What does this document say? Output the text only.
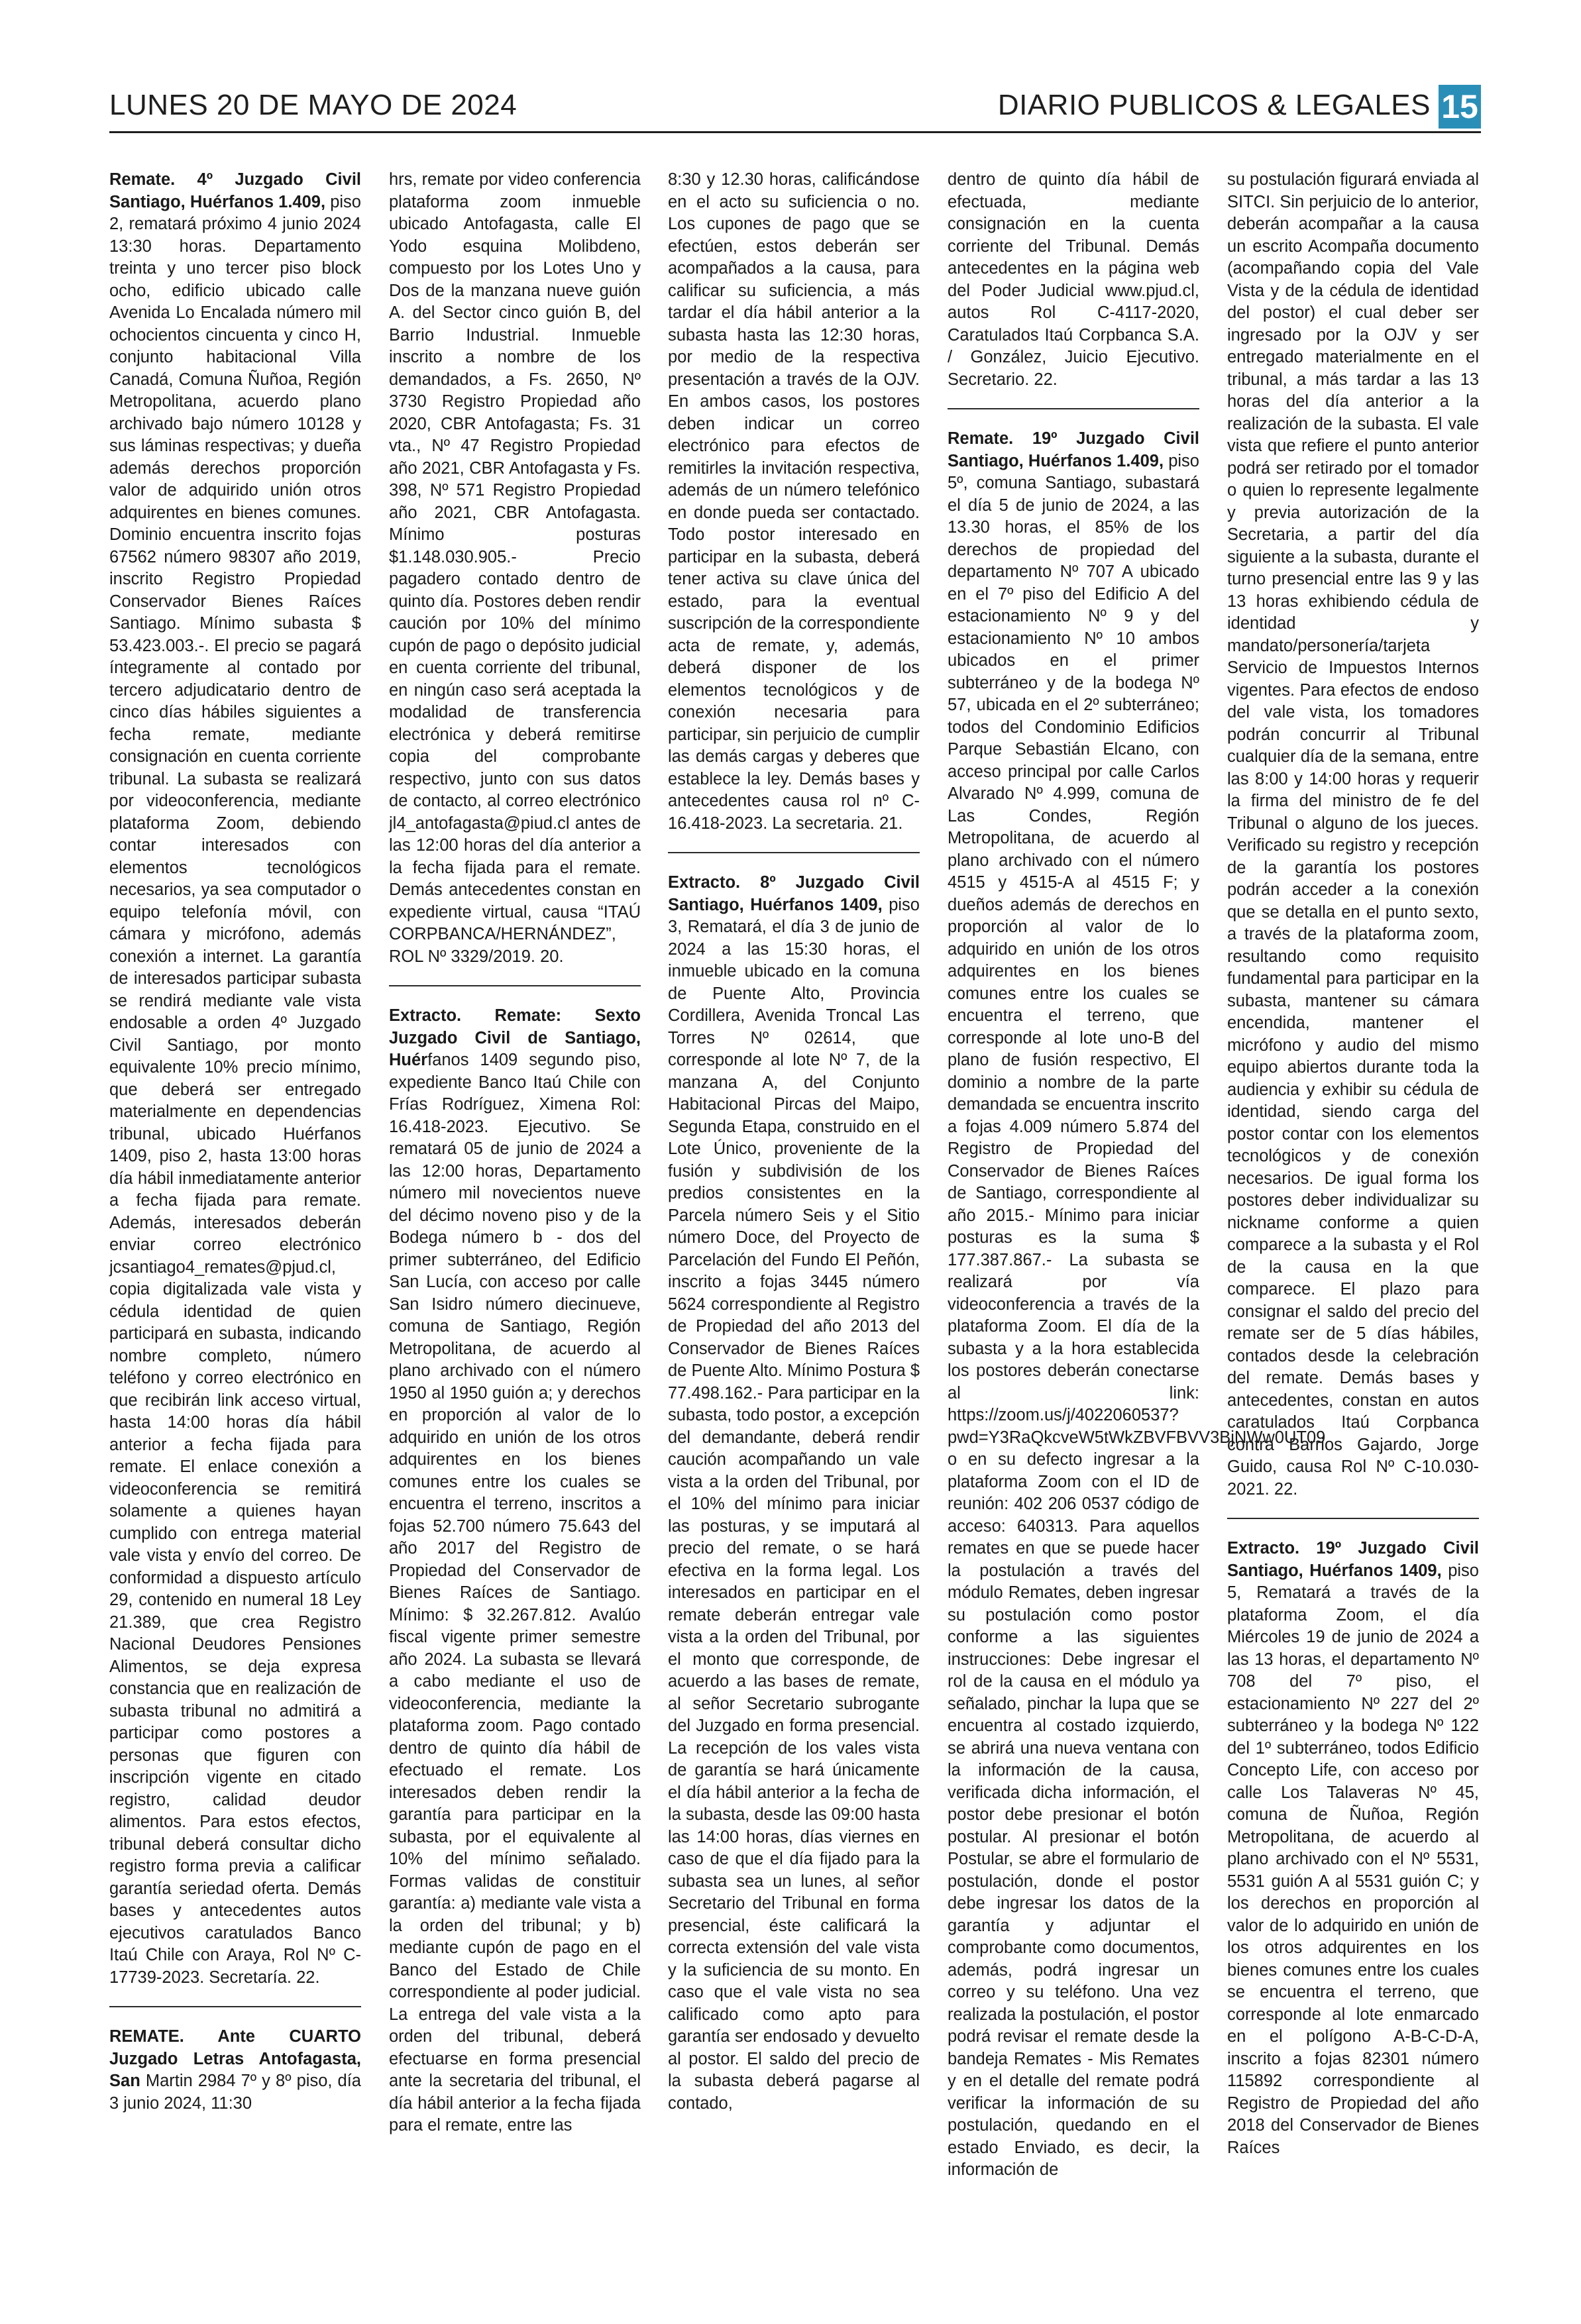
LUNES 20 DE MAYO DE 2024	DIARIO PUBLICOS & LEGALES 15

Remate. 4º Juzgado Civil Santiago, Huérfanos 1.409, piso 2, rematará próximo 4 junio 2024 13:30 horas. Departamento treinta y uno tercer piso block ocho, edificio ubicado calle Avenida Lo Encalada número mil ochocientos cincuenta y cinco H, conjunto habitacional Villa Canadá, Comuna Ñuñoa, Región Metropolitana, acuerdo plano archivado bajo número 10128 y sus láminas respectivas; y dueña además derechos proporción valor de adquirido unión otros adquirentes en bienes comunes. Dominio encuentra inscrito fojas 67562 número 98307 año 2019, inscrito Registro Propiedad Conservador Bienes Raíces Santiago. Mínimo subasta $ 53.423.003.-. El precio se pagará íntegramente al contado por tercero adjudicatario dentro de cinco días hábiles siguientes a fecha remate, mediante consignación en cuenta corriente tribunal. La subasta se realizará por videoconferencia, mediante plataforma Zoom, debiendo contar interesados con elementos tecnológicos necesarios, ya sea computador o equipo telefonía móvil, con cámara y micrófono, además conexión a internet. La garantía de interesados participar subasta se rendirá mediante vale vista endosable a orden 4º Juzgado Civil Santiago, por monto equivalente 10% precio mínimo, que deberá ser entregado materialmente en dependencias tribunal, ubicado Huérfanos 1409, piso 2, hasta 13:00 horas día hábil inmediatamente anterior a fecha fijada para remate. Además, interesados deberán enviar correo electrónico jcsantiago4_remates@pjud.cl, copia digitalizada vale vista y cédula identidad de quien participará en subasta, indicando nombre completo, número teléfono y correo electrónico en que recibirán link acceso virtual, hasta 14:00 horas día hábil anterior a fecha fijada para remate. El enlace conexión a videoconferencia se remitirá solamente a quienes hayan cumplido con entrega material vale vista y envío del correo. De conformidad a dispuesto artículo 29, contenido en numeral 18 Ley 21.389, que crea Registro Nacional Deudores Pensiones Alimentos, se deja expresa constancia que en realización de subasta tribunal no admitirá a participar como postores a personas que figuren con inscripción vigente en citado registro, calidad deudor alimentos. Para estos efectos, tribunal deberá consultar dicho registro forma previa a calificar garantía seriedad oferta. Demás bases y antecedentes autos ejecutivos caratulados Banco Itaú Chile con Araya, Rol Nº C-17739-2023. Secretaría. 22.

REMATE. Ante CUARTO Juzgado Letras Antofagasta, San Martin 2984 7º y 8º piso, día 3 junio 2024, 11:30

hrs, remate por video conferencia plataforma zoom inmueble ubicado Antofagasta, calle El Yodo esquina Molibdeno, compuesto por los Lotes Uno y Dos de la manzana nueve guión A. del Sector cinco guión B, del Barrio Industrial. Inmueble inscrito a nombre de los demandados, a Fs. 2650, Nº 3730 Registro Propiedad año 2020, CBR Antofagasta; Fs. 31 vta., Nº 47 Registro Propiedad año 2021, CBR Antofagasta y Fs. 398, Nº 571 Registro Propiedad año 2021, CBR Antofagasta. Mínimo posturas $1.148.030.905.- Precio pagadero contado dentro de quinto día. Postores deben rendir caución por 10% del mínimo cupón de pago o depósito judicial en cuenta corriente del tribunal, en ningún caso será aceptada la modalidad de transferencia electrónica y deberá remitirse copia del comprobante respectivo, junto con sus datos de contacto, al correo electrónico jl4_antofagasta@piud.cl antes de las 12:00 horas del día anterior a la fecha fijada para el remate. Demás antecedentes constan en expediente virtual, causa “ITAÚ CORPBANCA/HERNÁNDEZ”, ROL Nº 3329/2019. 20.

Extracto. Remate: Sexto Juzgado Civil de Santiago, Huérfanos 1409 segundo piso, expediente Banco Itaú Chile con Frías Rodríguez, Ximena Rol: 16.418-2023. Ejecutivo. Se rematará 05 de junio de 2024 a las 12:00 horas, Departamento número mil novecientos nueve del décimo noveno piso y de la Bodega número b - dos del primer subterráneo, del Edificio San Lucía, con acceso por calle San Isidro número diecinueve, comuna de Santiago, Región Metropolitana, de acuerdo al plano archivado con el número 1950 al 1950 guión a; y derechos en proporción al valor de lo adquirido en unión de los otros adquirentes en los bienes comunes entre los cuales se encuentra el terreno, inscritos a fojas 52.700 número 75.643 del año 2017 del Registro de Propiedad del Conservador de Bienes Raíces de Santiago. Mínimo: $ 32.267.812. Avalúo fiscal vigente primer semestre año 2024. La subasta se llevará a cabo mediante el uso de videoconferencia, mediante la plataforma zoom. Pago contado dentro de quinto día hábil de efectuado el remate. Los interesados deben rendir la garantía para participar en la subasta, por el equivalente al 10% del mínimo señalado. Formas validas de constituir garantía: a) mediante vale vista a la orden del tribunal; y b) mediante cupón de pago en el Banco del Estado de Chile correspondiente al poder judicial. La entrega del vale vista a la orden del tribunal, deberá efectuarse en forma presencial ante la secretaria del tribunal, el día hábil anterior a la fecha fijada para el remate, entre las

8:30 y 12.30 horas, calificándose en el acto su suficiencia o no. Los cupones de pago que se efectúen, estos deberán ser acompañados a la causa, para calificar su suficiencia, a más tardar el día hábil anterior a la subasta hasta las 12:30 horas, por medio de la respectiva presentación a través de la OJV. En ambos casos, los postores deben indicar un correo electrónico para efectos de remitirles la invitación respectiva, además de un número telefónico en donde pueda ser contactado. Todo postor interesado en participar en la subasta, deberá tener activa su clave única del estado, para la eventual suscripción de la correspondiente acta de remate, y, además, deberá disponer de los elementos tecnológicos y de conexión necesaria para participar, sin perjuicio de cumplir las demás cargas y deberes que establece la ley. Demás bases y antecedentes causa rol nº C-16.418-2023. La secretaria. 21.

Extracto. 8º Juzgado Civil Santiago, Huérfanos 1409, piso 3, Rematará, el día 3 de junio de 2024 a las 15:30 horas, el inmueble ubicado en la comuna de Puente Alto, Provincia Cordillera, Avenida Troncal Las Torres Nº 02614, que corresponde al lote Nº 7, de la manzana A, del Conjunto Habitacional Pircas del Maipo, Segunda Etapa, construido en el Lote Único, proveniente de la fusión y subdivisión de los predios consistentes en la Parcela número Seis y el Sitio número Doce, del Proyecto de Parcelación del Fundo El Peñón, inscrito a fojas 3445 número 5624 correspondiente al Registro de Propiedad del año 2013 del Conservador de Bienes Raíces de Puente Alto. Mínimo Postura $ 77.498.162.- Para participar en la subasta, todo postor, a excepción del demandante, deberá rendir caución acompañando un vale vista a la orden del Tribunal, por el 10% del mínimo para iniciar las posturas, y se imputará al precio del remate, o se hará efectiva en la forma legal. Los interesados en participar en el remate deberán entregar vale vista a la orden del Tribunal, por el monto que corresponde, de acuerdo a las bases de remate, al señor Secretario subrogante del Juzgado en forma presencial. La recepción de los vales vista de garantía se hará únicamente el día hábil anterior a la fecha de la subasta, desde las 09:00 hasta las 14:00 horas, días viernes en caso de que el día fijado para la subasta sea un lunes, al señor Secretario del Tribunal en forma presencial, éste calificará la correcta extensión del vale vista y la suficiencia de su monto. En caso que el vale vista no sea calificado como apto para garantía ser endosado y devuelto al postor. El saldo del precio de la subasta deberá pagarse al contado,

dentro de quinto día hábil de efectuada, mediante consignación en la cuenta corriente del Tribunal. Demás antecedentes en la página web del Poder Judicial www.pjud.cl, autos Rol C-4117-2020, Caratulados Itaú Corpbanca S.A. / González, Juicio Ejecutivo. Secretario. 22.

Remate. 19º Juzgado Civil Santiago, Huérfanos 1.409, piso 5º, comuna Santiago, subastará el día 5 de junio de 2024, a las 13.30 horas, el 85% de los derechos de propiedad del departamento Nº 707 A ubicado en el 7º piso del Edificio A del estacionamiento Nº 9 y del estacionamiento Nº 10 ambos ubicados en el primer subterráneo y de la bodega Nº 57, ubicada en el 2º subterráneo; todos del Condominio Edificios Parque Sebastián Elcano, con acceso principal por calle Carlos Alvarado Nº 4.999, comuna de Las Condes, Región Metropolitana, de acuerdo al plano archivado con el número 4515 y 4515-A al 4515 F; y dueños además de derechos en proporción al valor de lo adquirido en unión de los otros adquirentes en los bienes comunes entre los cuales se encuentra el terreno, que corresponde al lote uno-B del plano de fusión respectivo, El dominio a nombre de la parte demandada se encuentra inscrito a fojas 4.009 número 5.874 del Registro de Propiedad del Conservador de Bienes Raíces de Santiago, correspondiente al año 2015.- Mínimo para iniciar posturas es la suma $ 177.387.867.- La subasta se realizará por vía videoconferencia a través de la plataforma Zoom. El día de la subasta y a la hora establecida los postores deberán conectarse al link: https://zoom.us/j/4022060537?pwd=Y3RaQkcveW5tWkZBVFBVV3BjNWw0UT09 o en su defecto ingresar a la plataforma Zoom con el ID de reunión: 402 206 0537 código de acceso: 640313. Para aquellos remates en que se puede hacer la postulación a través del módulo Remates, deben ingresar su postulación como postor conforme a las siguientes instrucciones: Debe ingresar el rol de la causa en el módulo ya señalado, pinchar la lupa que se encuentra al costado izquierdo, se abrirá una nueva ventana con la información de la causa, verificada dicha información, el postor debe presionar el botón postular. Al presionar el botón Postular, se abre el formulario de postulación, donde el postor debe ingresar los datos de la garantía y adjuntar el comprobante como documentos, además, podrá ingresar un correo y su teléfono. Una vez realizada la postulación, el postor podrá revisar el remate desde la bandeja Remates - Mis Remates y en el detalle del remate podrá verificar la información de su postulación, quedando en el estado Enviado, es decir, la información de

su postulación figurará enviada al SITCI. Sin perjuicio de lo anterior, deberán acompañar a la causa un escrito Acompaña documento (acompañando copia del Vale Vista y de la cédula de identidad del postor) el cual deber ser ingresado por la OJV y ser entregado materialmente en el tribunal, a más tardar a las 13 horas del día anterior a la realización de la subasta. El vale vista que refiere el punto anterior podrá ser retirado por el tomador o quien lo represente legalmente y previa autorización de la Secretaria, a partir del día siguiente a la subasta, durante el turno presencial entre las 9 y las 13 horas exhibiendo cédula de identidad y mandato/personería/tarjeta Servicio de Impuestos Internos vigentes. Para efectos de endoso del vale vista, los tomadores podrán concurrir al Tribunal cualquier día de la semana, entre las 8:00 y 14:00 horas y requerir la firma del ministro de fe del Tribunal o alguno de los jueces. Verificado su registro y recepción de la garantía los postores podrán acceder a la conexión que se detalla en el punto sexto, a través de la plataforma zoom, resultando como requisito fundamental para participar en la subasta, mantener su cámara encendida, mantener el micrófono y audio del mismo equipo abiertos durante toda la audiencia y exhibir su cédula de identidad, siendo carga del postor contar con los elementos tecnológicos y de conexión necesarios. De igual forma los postores deber individualizar su nickname conforme a quien comparece a la subasta y el Rol de la causa en la que comparece. El plazo para consignar el saldo del precio del remate ser de 5 días hábiles, contados desde la celebración del remate. Demás bases y antecedentes, constan en autos caratulados Itaú Corpbanca contra Barrios Gajardo, Jorge Guido, causa Rol Nº C-10.030-2021. 22.

Extracto. 19º Juzgado Civil Santiago, Huérfanos 1409, piso 5, Rematará a través de la plataforma Zoom, el día Miércoles 19 de junio de 2024 a las 13 horas, el departamento Nº 708 del 7º piso, el estacionamiento Nº 227 del 2º subterráneo y la bodega Nº 122 del 1º subterráneo, todos Edificio Concepto Life, con acceso por calle Los Talaveras Nº 45, comuna de Ñuñoa, Región Metropolitana, de acuerdo al plano archivado con el Nº 5531, 5531 guión A al 5531 guión C; y los derechos en proporción al valor de lo adquirido en unión de los otros adquirentes en los bienes comunes entre los cuales se encuentra el terreno, que corresponde al lote enmarcado en el polígono A-B-C-D-A, inscrito a fojas 82301 número 115892 correspondiente al Registro de Propiedad del año 2018 del Conservador de Bienes Raíces
